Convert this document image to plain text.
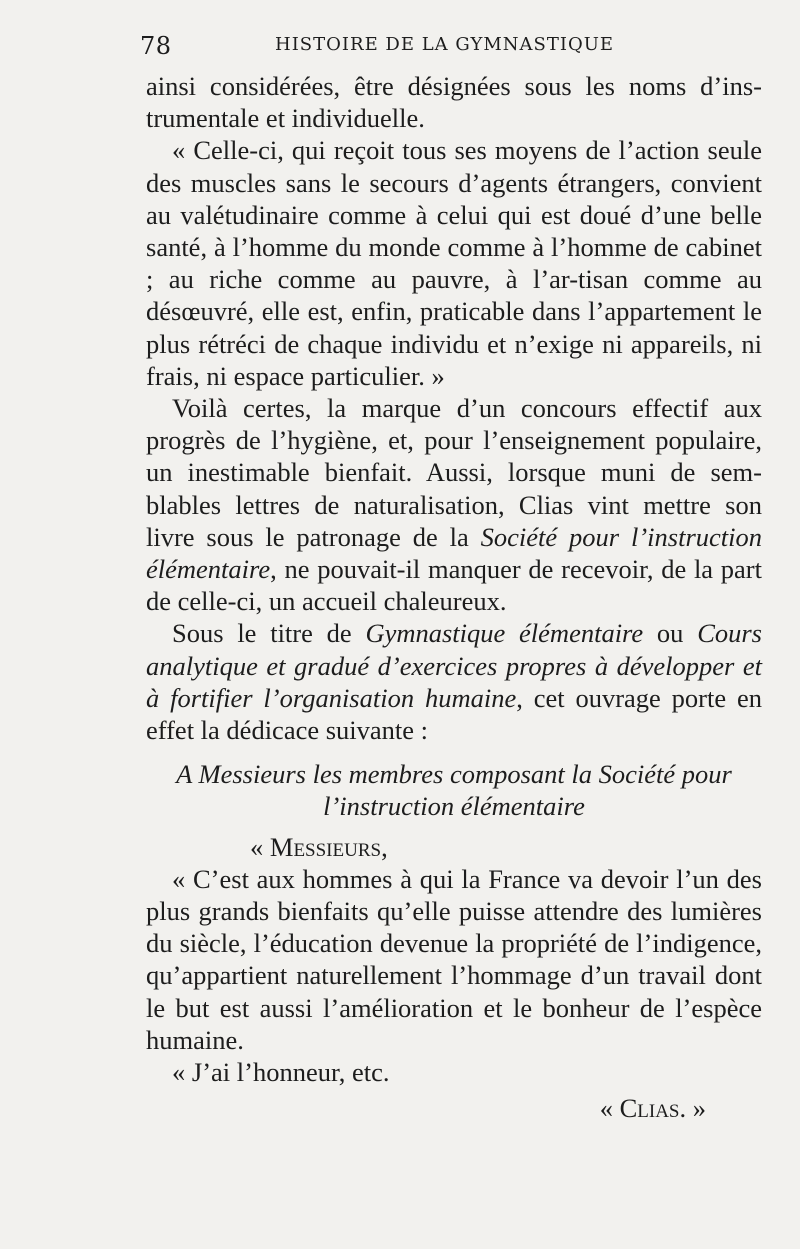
78	HISTOIRE DE LA GYMNASTIQUE

ainsi considérées, être désignées sous les noms d’ins-trumentale et individuelle.

« Celle-ci, qui reçoit tous ses moyens de l’action seule des muscles sans le secours d’agents étrangers, convient au valétudinaire comme à celui qui est doué d’une belle santé, à l’homme du monde comme à l’homme de cabinet ; au riche comme au pauvre, à l’ar-tisan comme au désœuvré, elle est, enfin, praticable dans l’appartement le plus rétréci de chaque individu et n’exige ni appareils, ni frais, ni espace particulier. »

Voilà certes, la marque d’un concours effectif aux progrès de l’hygiène, et, pour l’enseignement populaire, un inestimable bienfait. Aussi, lorsque muni de sem-blables lettres de naturalisation, Clias vint mettre son livre sous le patronage de la Société pour l’instruction élémentaire, ne pouvait-il manquer de recevoir, de la part de celle-ci, un accueil chaleureux.

Sous le titre de Gymnastique élémentaire ou Cours analytique et gradué d’exercices propres à développer et à fortifier l’organisation humaine, cet ouvrage porte en effet la dédicace suivante :

A Messieurs les membres composant la Société pour
l’instruction élémentaire

« Messieurs,

« C’est aux hommes à qui la France va devoir l’un des plus grands bienfaits qu’elle puisse attendre des lumières du siècle, l’éducation devenue la propriété de l’indigence, qu’appartient naturellement l’hommage d’un travail dont le but est aussi l’amélioration et le bonheur de l’espèce humaine.

« J’ai l’honneur, etc.

« Clias. »
